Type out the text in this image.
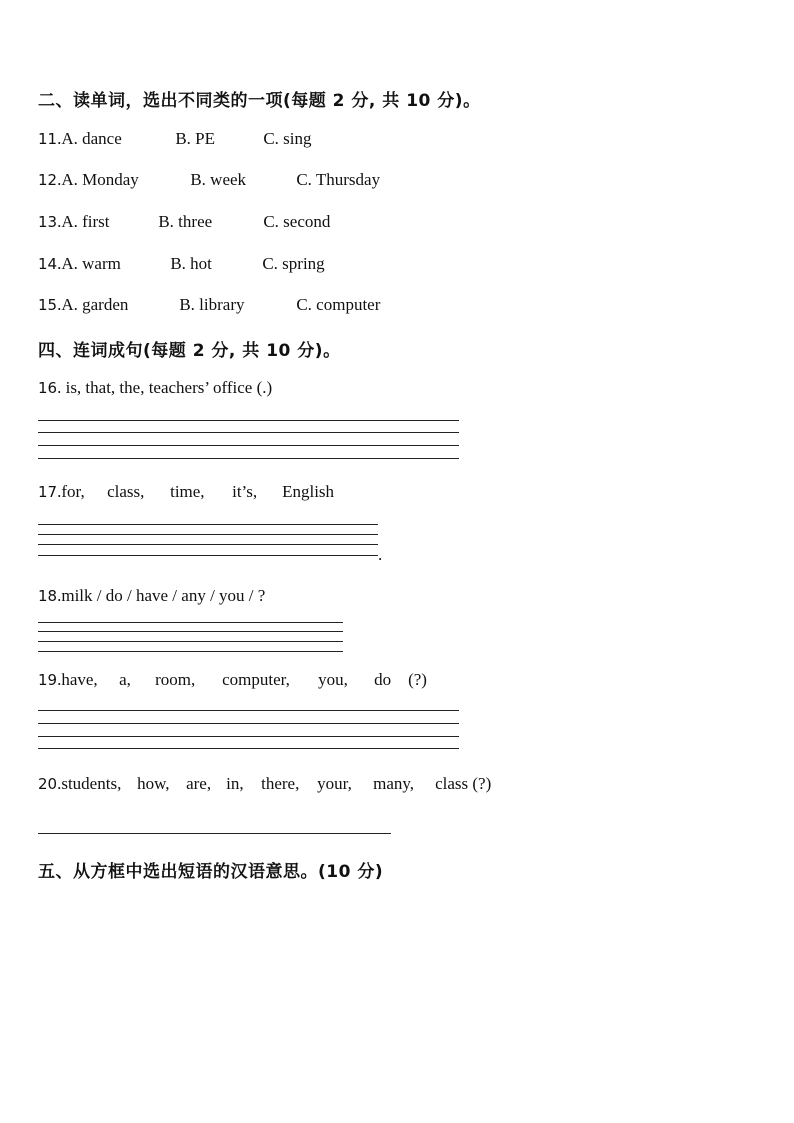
二、读单词，选出不同类的一项(每题 2 分, 共 10 分)。
11.A. dance	B. PE	C. sing
12.A. Monday	B. week	C. Thursday
13.A. first	B. three	C. second
14.A. warm	B. hot	C. spring
15.A. garden	B. library	C. computer
四、连词成句(每题 2 分, 共 10 分)。
16. is, that, the, teachers’ office (.)
17.for, class, time, it’s, English
.
18.milk / do / have / any / you / ?
19.have, a, room, computer, you, do (?)
20.students, how, are, in, there, your, many, class (?)
五、从方框中选出短语的汉语意思。(10 分)
